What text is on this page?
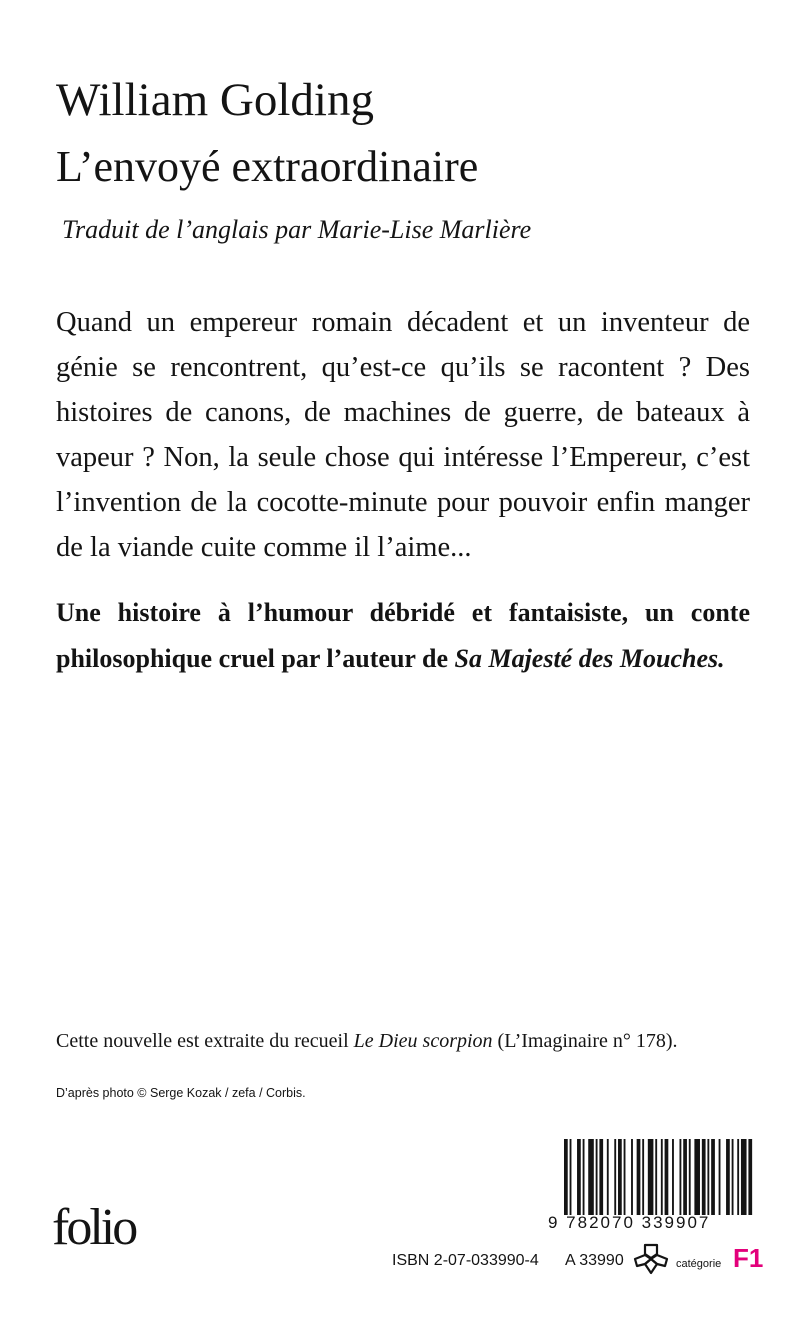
William Golding
L’envoyé extraordinaire
Traduit de l’anglais par Marie-Lise Marlière
Quand un empereur romain décadent et un inventeur de génie se rencontrent, qu’est-ce qu’ils se racontent ? Des histoires de canons, de machines de guerre, de bateaux à vapeur ? Non, la seule chose qui intéresse l’Empereur, c’est l’invention de la cocotte-minute pour pouvoir enfin manger de la viande cuite comme il l’aime...
Une histoire à l’humour débridé et fantaisiste, un conte philosophique cruel par l’auteur de Sa Majesté des Mouches.
Cette nouvelle est extraite du recueil Le Dieu scorpion (L’Imaginaire n° 178).
D’après photo © Serge Kozak / zefa / Corbis.
folio	9 782070 339907
ISBN 2-07-033990-4 A 33990	catégorie F1
